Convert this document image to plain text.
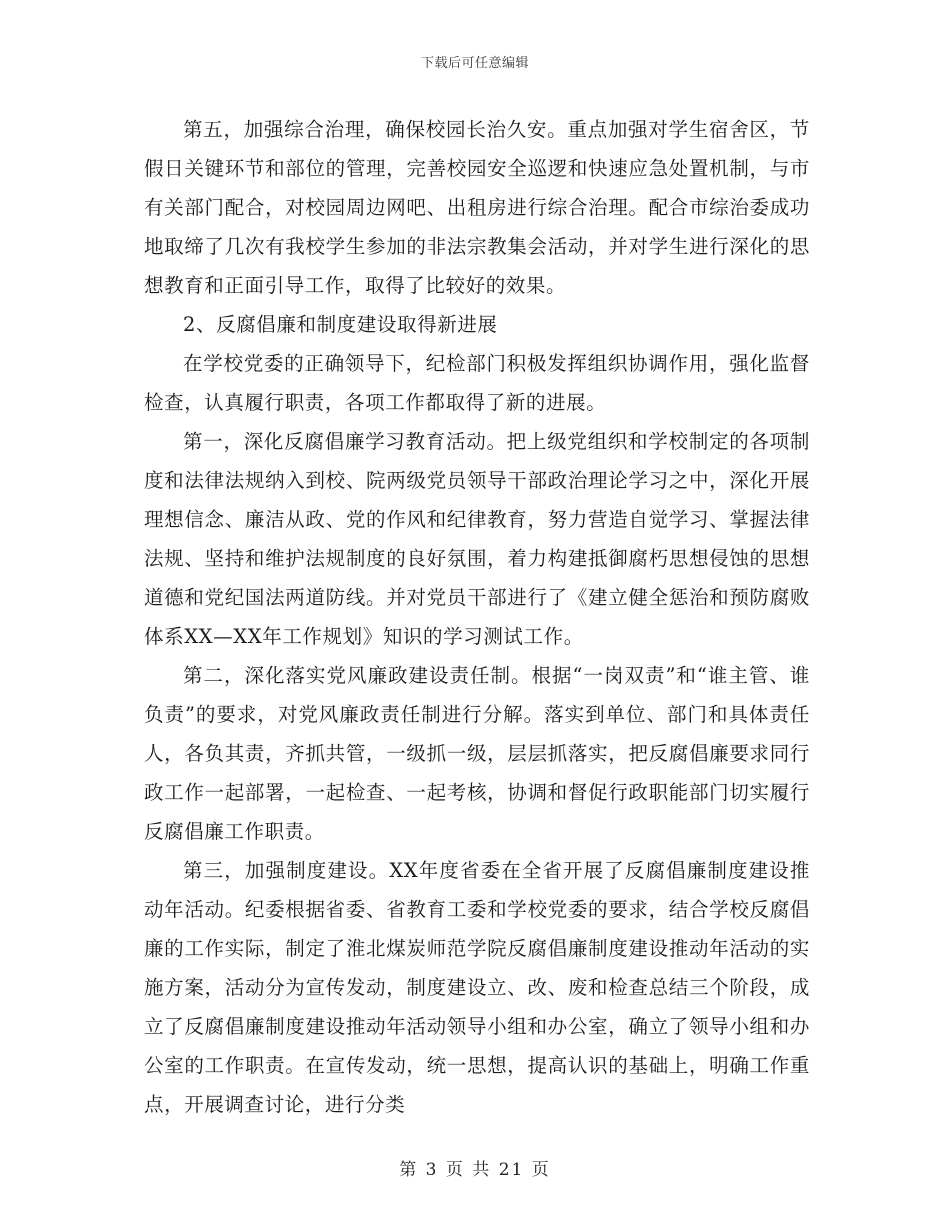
下载后可任意编辑

第五，加强综合治理，确保校园长治久安。重点加强对学生宿舍区，节假日关键环节和部位的管理，完善校园安全巡逻和快速应急处置机制，与市有关部门配合，对校园周边网吧、出租房进行综合治理。配合市综治委成功地取缔了几次有我校学生参加的非法宗教集会活动，并对学生进行深化的思想教育和正面引导工作，取得了比较好的效果。

2、反腐倡廉和制度建设取得新进展

在学校党委的正确领导下，纪检部门积极发挥组织协调作用，强化监督检查，认真履行职责，各项工作都取得了新的进展。

第一，深化反腐倡廉学习教育活动。把上级党组织和学校制定的各项制度和法律法规纳入到校、院两级党员领导干部政治理论学习之中，深化开展理想信念、廉洁从政、党的作风和纪律教育，努力营造自觉学习、掌握法律法规、坚持和维护法规制度的良好氛围，着力构建抵御腐朽思想侵蚀的思想道德和党纪国法两道防线。并对党员干部进行了《建立健全惩治和预防腐败体系XX—XX年工作规划》知识的学习测试工作。

第二，深化落实党风廉政建设责任制。根据“一岗双责”和“谁主管、谁负责”的要求，对党风廉政责任制进行分解。落实到单位、部门和具体责任人，各负其责，齐抓共管，一级抓一级，层层抓落实，把反腐倡廉要求同行政工作一起部署，一起检查、一起考核，协调和督促行政职能部门切实履行反腐倡廉工作职责。

第三，加强制度建设。XX年度省委在全省开展了反腐倡廉制度建设推动年活动。纪委根据省委、省教育工委和学校党委的要求，结合学校反腐倡廉的工作实际，制定了淮北煤炭师范学院反腐倡廉制度建设推动年活动的实施方案，活动分为宣传发动，制度建设立、改、废和检查总结三个阶段，成立了反腐倡廉制度建设推动年活动领导小组和办公室，确立了领导小组和办公室的工作职责。在宣传发动，统一思想，提高认识的基础上，明确工作重点，开展调查讨论，进行分类

第 3 页 共 21 页
